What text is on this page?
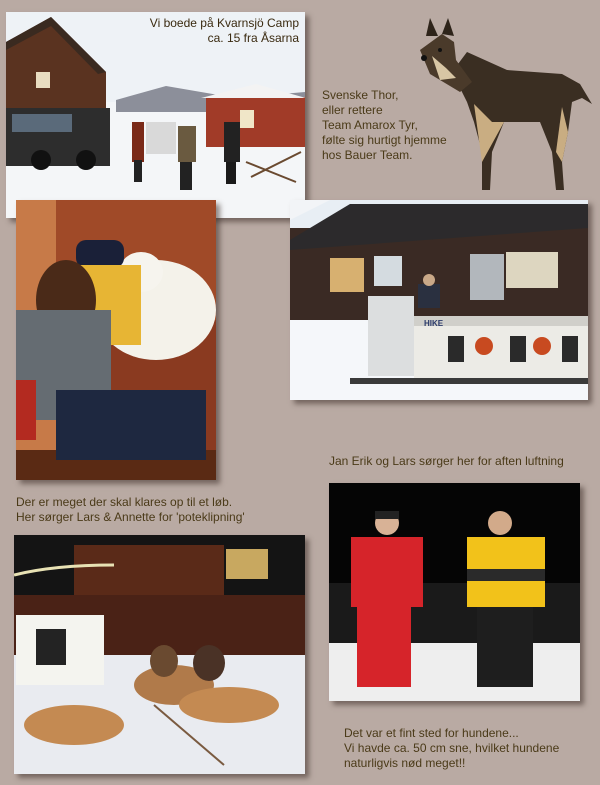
Vi boede på Kvarnsjö Camp
ca. 15 fra Åsarna
Svenske Thor,
eller rettere
Team Amarox Tyr,
følte sig hurtigt hjemme
hos Bauer Team.
HIKE
Jan Erik og Lars sørger her for aften luftning
Der er meget der skal klares op til et løb.
Her sørger Lars & Annette for 'poteklipning'
Det var et fint sted for hundene...
Vi havde ca. 50 cm sne, hvilket hundene
naturligvis nød meget!!
